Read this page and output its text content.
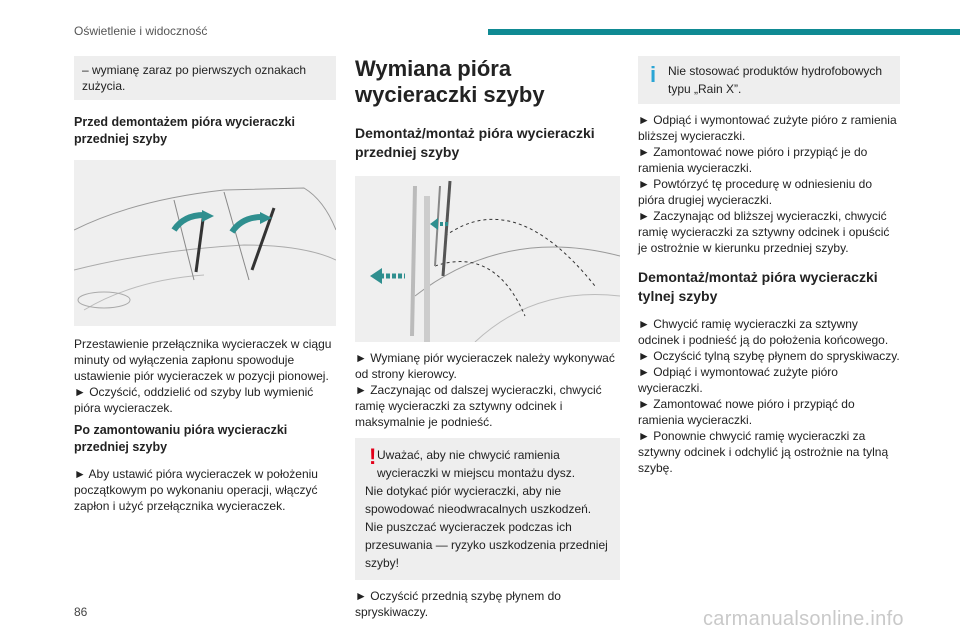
Oświetlenie i widoczność
– wymianę zaraz po pierwszych oznakach zużycia.
Przed demontażem pióra wycieraczki przedniej szyby

Przestawienie przełącznika wycieraczek w ciągu minuty od wyłączenia zapłonu spowoduje ustawienie piór wycieraczek w pozycji pionowej.

► Oczyścić, oddzielić od szyby lub wymienić pióra wycieraczek.

Po zamontowaniu pióra wycieraczki przedniej szyby

► Aby ustawić pióra wycieraczek w położeniu początkowym po wykonaniu operacji, włączyć zapłon i użyć przełącznika wycieraczek.

Wymiana pióra wycieraczki szyby
Demontaż/montaż pióra wycieraczki przedniej szyby

► Wymianę piór wycieraczek należy wykonywać od strony kierowcy.

► Zaczynając od dalszej wycieraczki, chwycić ramię wycieraczki za sztywny odcinek i maksymalnie je podnieść.

! Uważać, aby nie chwycić ramienia wycieraczki w miejscu montażu dysz.
Nie dotykać piór wycieraczki, aby nie spowodować nieodwracalnych uszkodzeń.
Nie puszczać wycieraczek podczas ich przesuwania — ryzyko uszkodzenia przedniej szyby!

► Oczyścić przednią szybę płynem do spryskiwaczy.

i Nie stosować produktów hydrofobowych typu „Rain X”.

► Odpiąć i wymontować zużyte pióro z ramienia bliższej wycieraczki.

► Zamontować nowe pióro i przypiąć je do ramienia wycieraczki.

► Powtórzyć tę procedurę w odniesieniu do pióra drugiej wycieraczki.

► Zaczynając od bliższej wycieraczki, chwycić ramię wycieraczki za sztywny odcinek i opuścić je ostrożnie w kierunku przedniej szyby.

Demontaż/montaż pióra wycieraczki tylnej szyby

► Chwycić ramię wycieraczki za sztywny odcinek i podnieść ją do położenia końcowego.

► Oczyścić tylną szybę płynem do spryskiwaczy.

► Odpiąć i wymontować zużyte pióro wycieraczki.

► Zamontować nowe pióro i przypiąć do ramienia wycieraczki.

► Ponownie chwycić ramię wycieraczki za sztywny odcinek i odchylić ją ostrożnie na tylną szybę.

86	carmanualsonline.info
